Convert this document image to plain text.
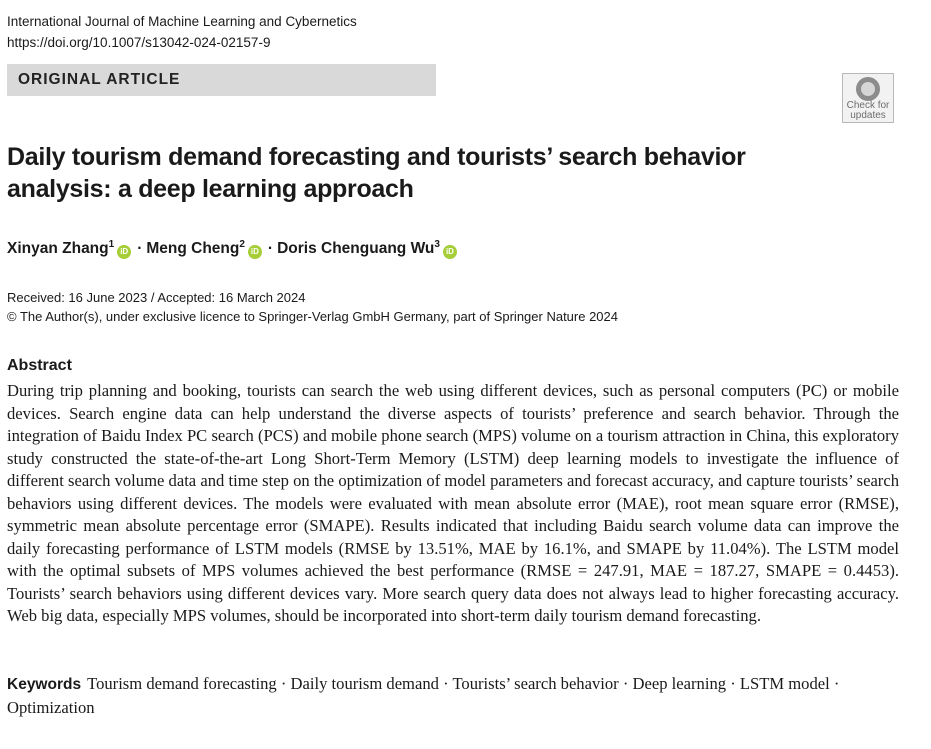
International Journal of Machine Learning and Cybernetics
https://doi.org/10.1007/s13042-024-02157-9
ORIGINAL ARTICLE
Check for
updates
Daily tourism demand forecasting and tourists’ search behavior analysis: a deep learning approach
Xinyan Zhang$^1$iD · Meng Cheng$^2$iD · Doris Chenguang Wu$^3$iD
Received: 16 June 2023 / Accepted: 16 March 2024
© The Author(s), under exclusive licence to Springer-Verlag GmbH Germany, part of Springer Nature 2024
Abstract
During trip planning and booking, tourists can search the web using different devices, such as personal computers (PC) or mobile devices. Search engine data can help understand the diverse aspects of tourists’ preference and search behavior. Through the integration of Baidu Index PC search (PCS) and mobile phone search (MPS) volume on a tourism attraction in China, this exploratory study constructed the state-of-the-art Long Short-Term Memory (LSTM) deep learning models to investigate the influence of different search volume data and time step on the optimization of model parameters and forecast accuracy, and capture tourists’ search behaviors using different devices. The models were evaluated with mean absolute error (MAE), root mean square error (RMSE), symmetric mean absolute percentage error (SMAPE). Results indicated that including Baidu search volume data can improve the daily forecasting performance of LSTM models (RMSE by 13.51%, MAE by 16.1%, and SMAPE by 11.04%). The LSTM model with the optimal subsets of MPS volumes achieved the best performance (RMSE = 247.91, MAE = 187.27, SMAPE = 0.4453). Tourists’ search behaviors using different devices vary. More search query data does not always lead to higher forecasting accuracy. Web big data, especially MPS volumes, should be incorporated into short-term daily tourism demand forecasting.
Keywords Tourism demand forecasting · Daily tourism demand · Tourists’ search behavior · Deep learning · LSTM model · Optimization
